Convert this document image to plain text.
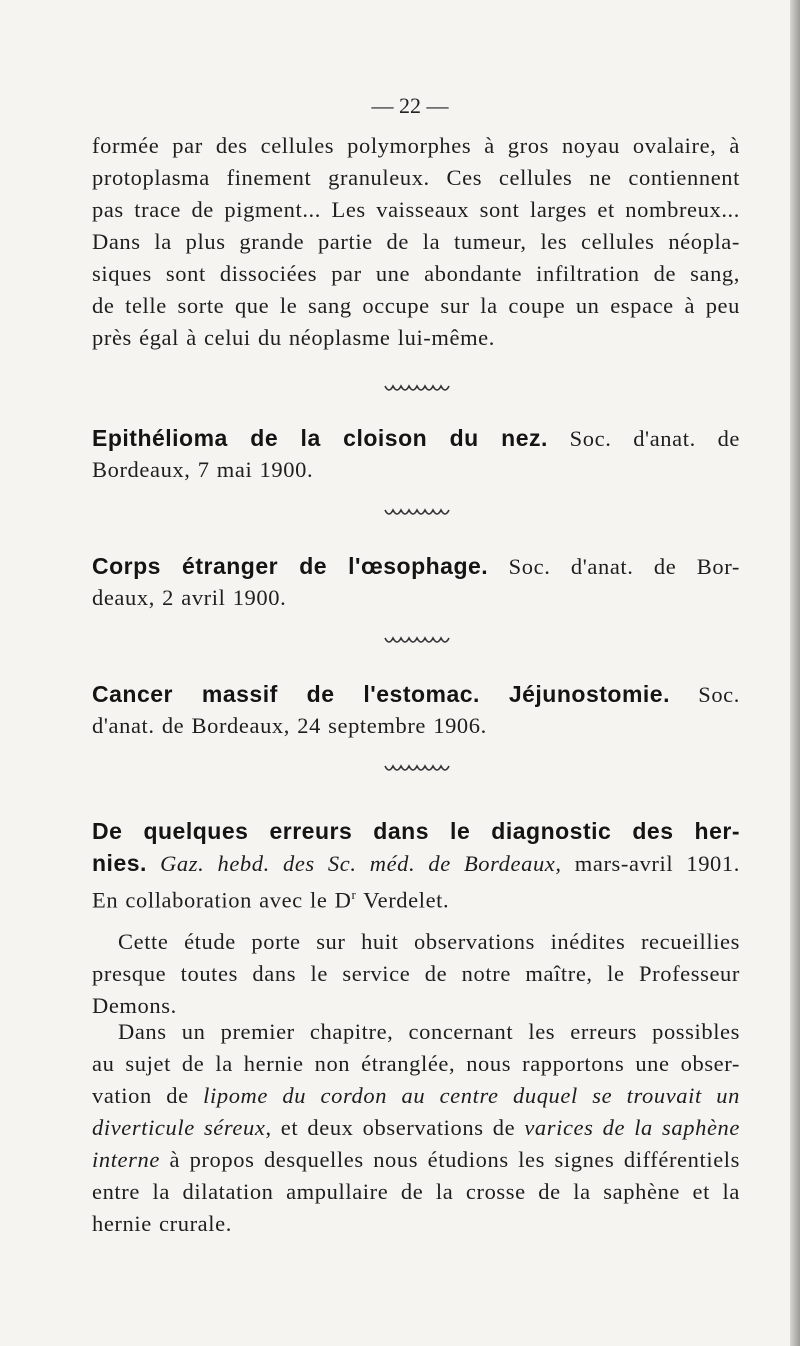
— 22 —
formée par des cellules polymorphes à gros noyau ovalaire, à
protoplasma finement granuleux. Ces cellules ne contiennent
pas trace de pigment... Les vaisseaux sont larges et nombreux...
Dans la plus grande partie de la tumeur, les cellules néopla-
siques sont dissociées par une abondante infiltration de sang,
de telle sorte que le sang occupe sur la coupe un espace à peu
près égal à celui du néoplasme lui-même.
Epithélioma de la cloison du nez. Soc. d'anat. de
Bordeaux, 7 mai 1900.
Corps étranger de l'œsophage. Soc. d'anat. de Bor-
deaux, 2 avril 1900.
Cancer massif de l'estomac. Jéjunostomie. Soc.
d'anat. de Bordeaux, 24 septembre 1906.
De quelques erreurs dans le diagnostic des her-
nies. Gaz. hebd. des Sc. méd. de Bordeaux, mars-avril 1901.
En collaboration avec le $D^r$ Verdelet.
Cette étude porte sur huit observations inédites recueillies
presque toutes dans le service de notre maître, le Professeur
Demons.
Dans un premier chapitre, concernant les erreurs possibles
au sujet de la hernie non étranglée, nous rapportons une obser-
vation de lipome du cordon au centre duquel se trouvait un
diverticule séreux, et deux observations de varices de la saphène
interne à propos desquelles nous étudions les signes différentiels
entre la dilatation ampullaire de la crosse de la saphène et la
hernie crurale.
